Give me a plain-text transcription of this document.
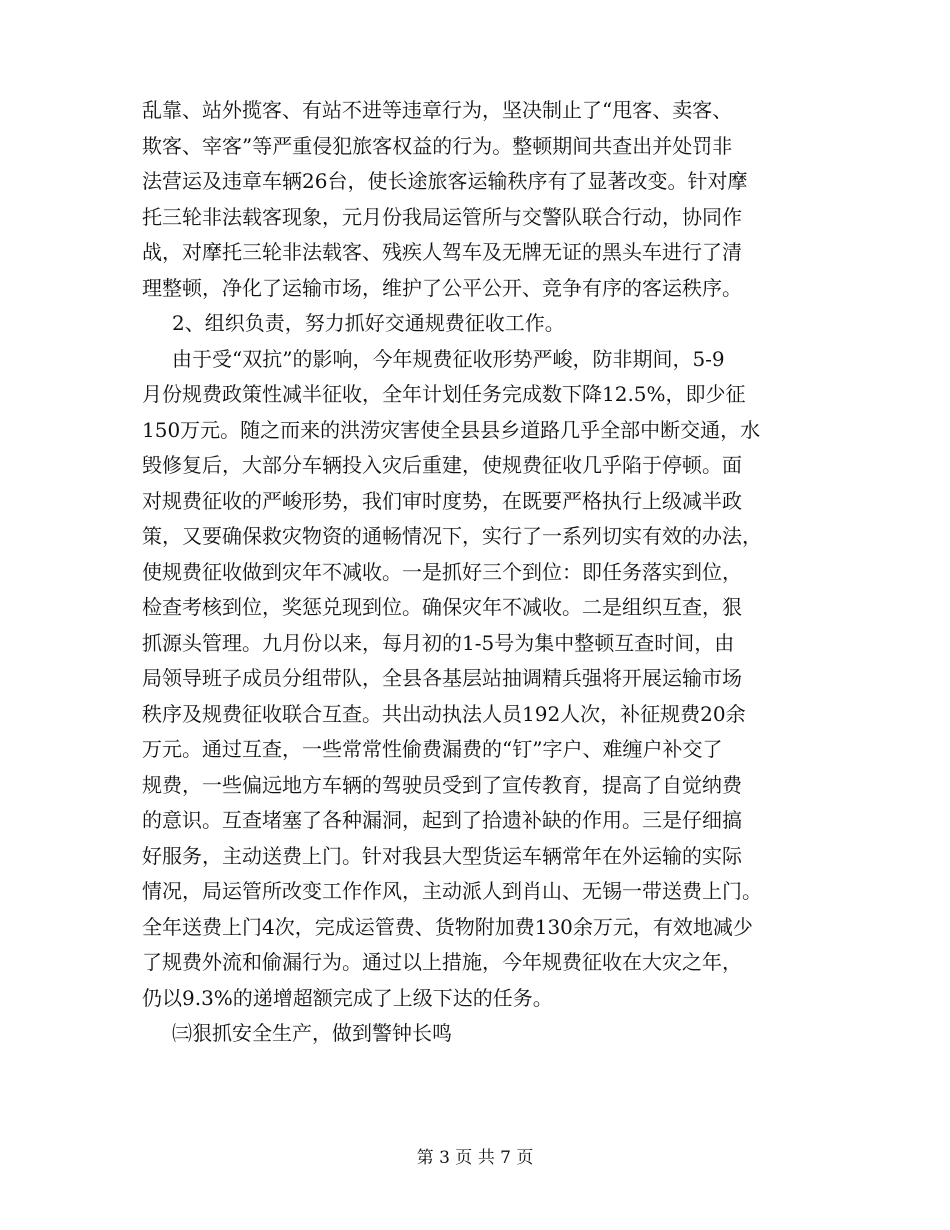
乱靠、站外揽客、有站不进等违章行为，坚决制止了“甩客、卖客、
欺客、宰客”等严重侵犯旅客权益的行为。整顿期间共查出并处罚非
法营运及违章车辆26台，使长途旅客运输秩序有了显著改变。针对摩
托三轮非法载客现象，元月份我局运管所与交警队联合行动，协同作
战，对摩托三轮非法载客、残疾人驾车及无牌无证的黑头车进行了清
理整顿，净化了运输市场，维护了公平公开、竞争有序的客运秩序。
2、组织负责，努力抓好交通规费征收工作。
由于受“双抗”的影响，今年规费征收形势严峻，防非期间，5-9
月份规费政策性减半征收，全年计划任务完成数下降12.5%，即少征
150万元。随之而来的洪涝灾害使全县县乡道路几乎全部中断交通，水
毁修复后，大部分车辆投入灾后重建，使规费征收几乎陷于停顿。面
对规费征收的严峻形势，我们审时度势，在既要严格执行上级减半政
策，又要确保救灾物资的通畅情况下，实行了一系列切实有效的办法，
使规费征收做到灾年不减收。一是抓好三个到位：即任务落实到位，
检查考核到位，奖惩兑现到位。确保灾年不减收。二是组织互查，狠
抓源头管理。九月份以来，每月初的1-5号为集中整顿互查时间，由
局领导班子成员分组带队，全县各基层站抽调精兵强将开展运输市场
秩序及规费征收联合互查。共出动执法人员192人次，补征规费20余
万元。通过互查，一些常常性偷费漏费的“钉”字户、难缠户补交了
规费，一些偏远地方车辆的驾驶员受到了宣传教育，提高了自觉纳费
的意识。互查堵塞了各种漏洞，起到了拾遗补缺的作用。三是仔细搞
好服务，主动送费上门。针对我县大型货运车辆常年在外运输的实际
情况，局运管所改变工作作风，主动派人到肖山、无锡一带送费上门。
全年送费上门4次，完成运管费、货物附加费130余万元，有效地减少
了规费外流和偷漏行为。通过以上措施，今年规费征收在大灾之年，
仍以9.3%的递增超额完成了上级下达的任务。
㈢狠抓安全生产，做到警钟长鸣
第 3 页 共 7 页
